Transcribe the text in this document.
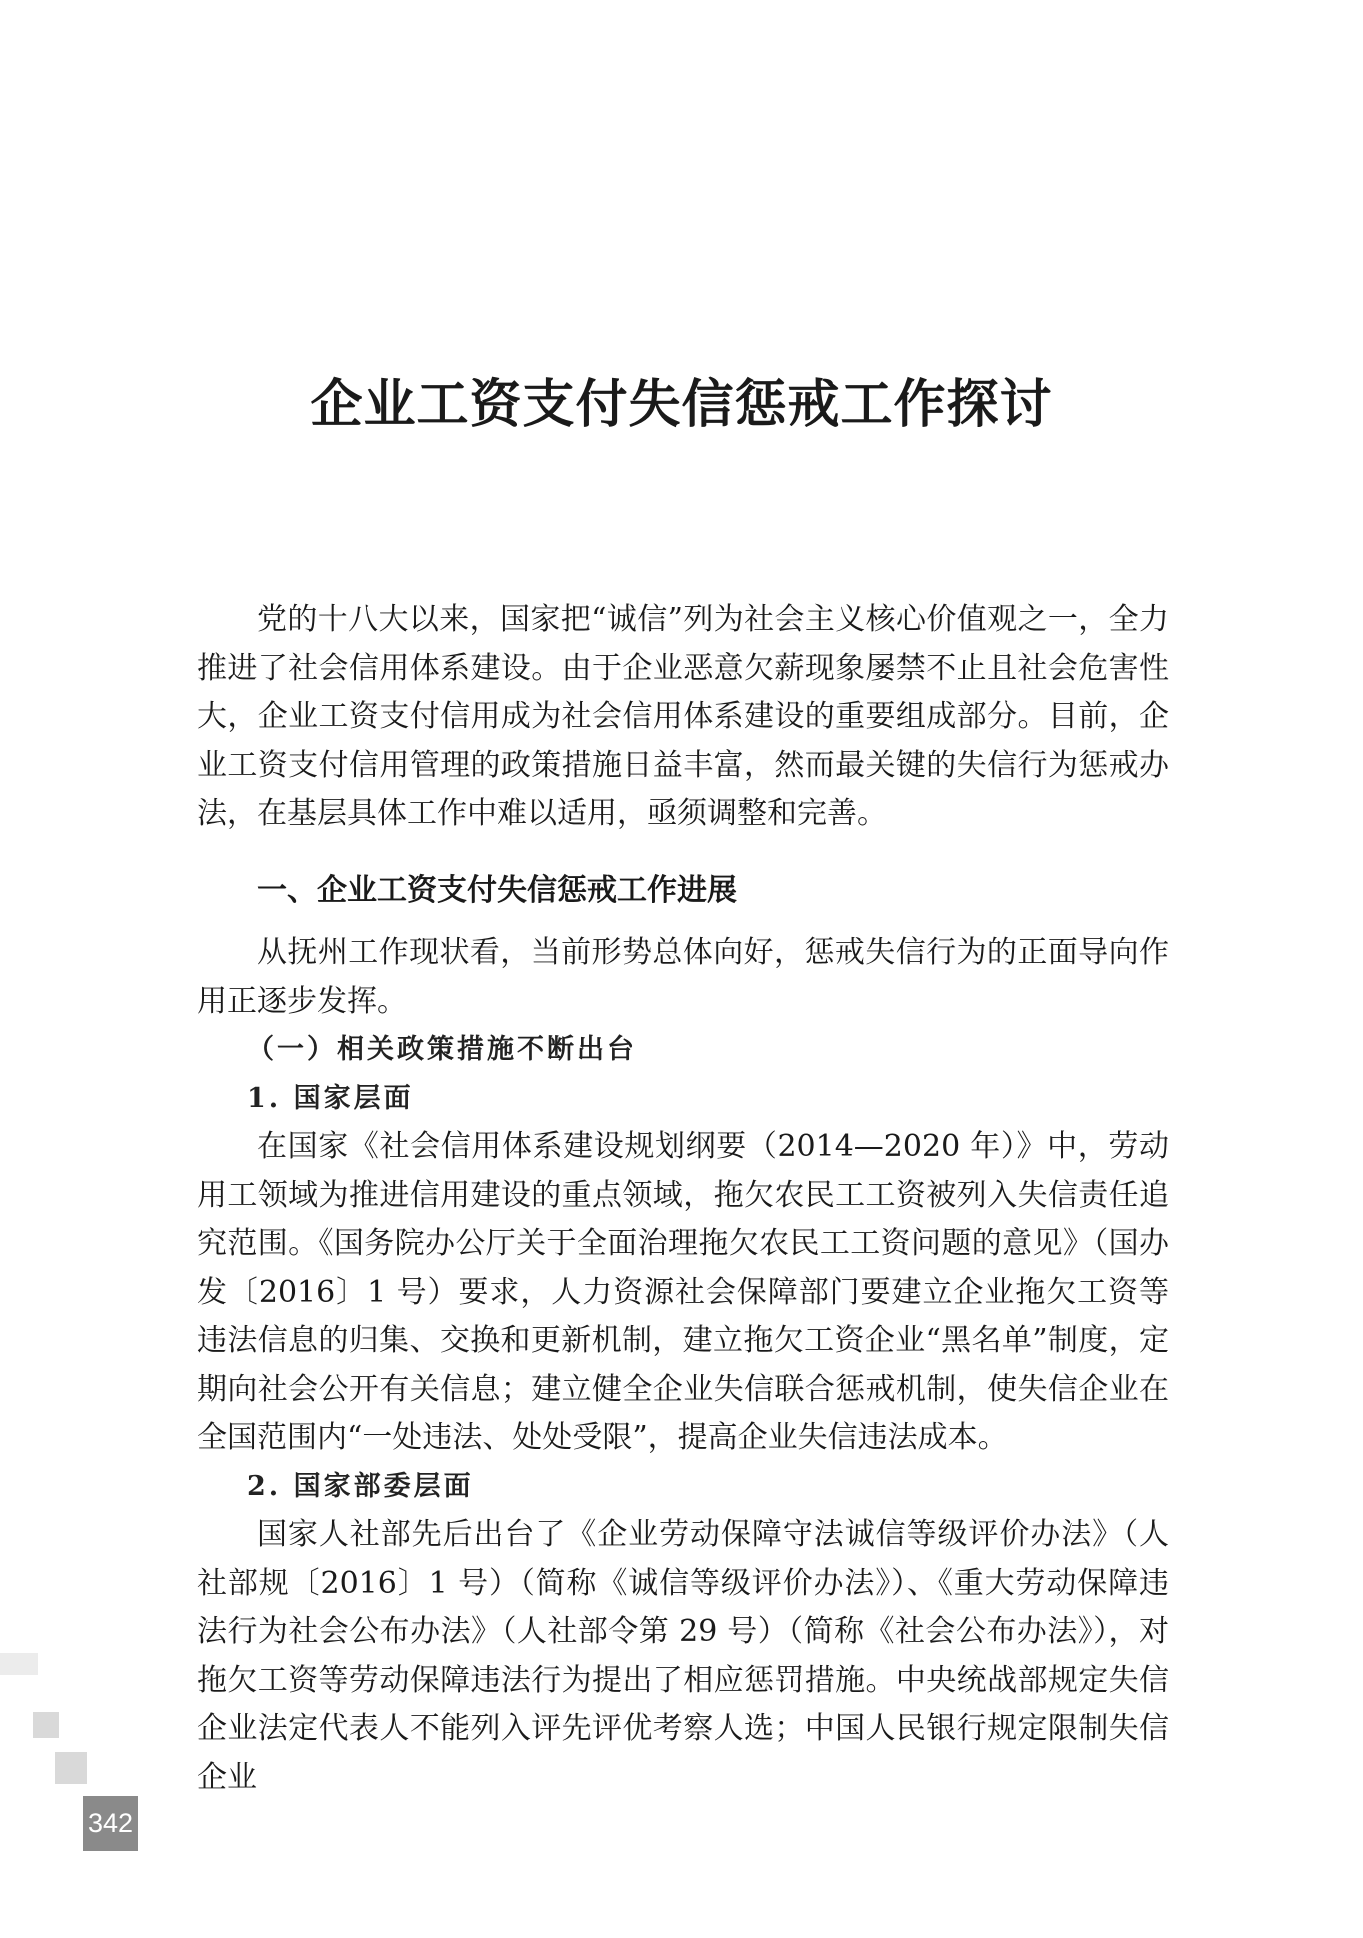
企业工资支付失信惩戒工作探讨

党的十八大以来，国家把“诚信”列为社会主义核心价值观之一，全力推进了社会信用体系建设。由于企业恶意欠薪现象屡禁不止且社会危害性大，企业工资支付信用成为社会信用体系建设的重要组成部分。目前，企业工资支付信用管理的政策措施日益丰富，然而最关键的失信行为惩戒办法，在基层具体工作中难以适用，亟须调整和完善。

一、企业工资支付失信惩戒工作进展

从抚州工作现状看，当前形势总体向好，惩戒失信行为的正面导向作用正逐步发挥。

（一）相关政策措施不断出台
1. 国家层面

在国家《社会信用体系建设规划纲要（2014—2020 年）》中，劳动用工领域为推进信用建设的重点领域，拖欠农民工工资被列入失信责任追究范围。《国务院办公厅关于全面治理拖欠农民工工资问题的意见》（国办发〔2016〕1 号）要求，人力资源社会保障部门要建立企业拖欠工资等违法信息的归集、交换和更新机制，建立拖欠工资企业“黑名单”制度，定期向社会公开有关信息；建立健全企业失信联合惩戒机制，使失信企业在全国范围内“一处违法、处处受限”，提高企业失信违法成本。

2. 国家部委层面

国家人社部先后出台了《企业劳动保障守法诚信等级评价办法》（人社部规〔2016〕1 号）（简称《诚信等级评价办法》）、《重大劳动保障违法行为社会公布办法》（人社部令第 29 号）（简称《社会公布办法》），对拖欠工资等劳动保障违法行为提出了相应惩罚措施。中央统战部规定失信企业法定代表人不能列入评先评优考察人选；中国人民银行规定限制失信企业

342
